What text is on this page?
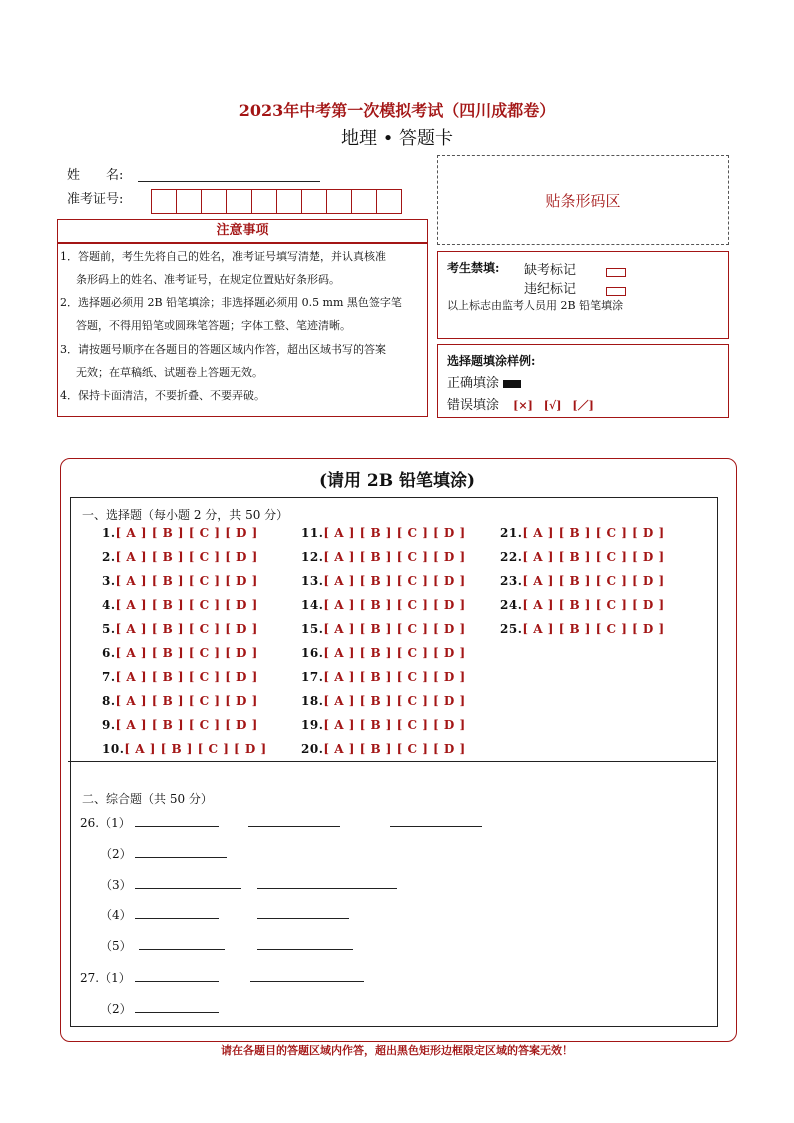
2023年中考第一次模拟考试（四川成都卷）
地理 • 答题卡
姓　　名:
准考证号:	贴条形码区
注意事项
1．答题前，考生先将自己的姓名，准考证号填写清楚，并认真核准
条形码上的姓名、准考证号，在规定位置贴好条形码。
2．选择题必须用 2B 铅笔填涂；非选择题必须用 0.5 mm 黑色签字笔
答题，不得用铅笔或圆珠笔答题；字体工整、笔迹清晰。
3．请按题号顺序在各题目的答题区域内作答，超出区域书写的答案
无效；在草稿纸、试题卷上答题无效。
4．保持卡面清洁，不要折叠、不要弄破。
考生禁填: 缺考标记
违纪标记
以上标志由监考人员用 2B 铅笔填涂
选择题填涂样例:
正确填涂
错误填涂 [×]　[√]　[／]
(请用 2B 铅笔填涂)
一、选择题（每小题 2 分，共 50 分）
1.[ A ] [ B ] [ C ] [ D ]
2.[ A ] [ B ] [ C ] [ D ]
3.[ A ] [ B ] [ C ] [ D ]
4.[ A ] [ B ] [ C ] [ D ]
5.[ A ] [ B ] [ C ] [ D ]
6.[ A ] [ B ] [ C ] [ D ]
7.[ A ] [ B ] [ C ] [ D ]
8.[ A ] [ B ] [ C ] [ D ]
9.[ A ] [ B ] [ C ] [ D ]
10.[ A ] [ B ] [ C ] [ D ]
11.[ A ] [ B ] [ C ] [ D ]
12.[ A ] [ B ] [ C ] [ D ]
13.[ A ] [ B ] [ C ] [ D ]
14.[ A ] [ B ] [ C ] [ D ]
15.[ A ] [ B ] [ C ] [ D ]
16.[ A ] [ B ] [ C ] [ D ]
17.[ A ] [ B ] [ C ] [ D ]
18.[ A ] [ B ] [ C ] [ D ]
19.[ A ] [ B ] [ C ] [ D ]
20.[ A ] [ B ] [ C ] [ D ]
21.[ A ] [ B ] [ C ] [ D ]
22.[ A ] [ B ] [ C ] [ D ]
23.[ A ] [ B ] [ C ] [ D ]
24.[ A ] [ B ] [ C ] [ D ]
25.[ A ] [ B ] [ C ] [ D ]
二、综合题（共 50 分）
26.（1）
（2）
（3）
（4）
（5）
27.（1）
（2）
请在各题目的答题区域内作答，超出黑色矩形边框限定区域的答案无效！
